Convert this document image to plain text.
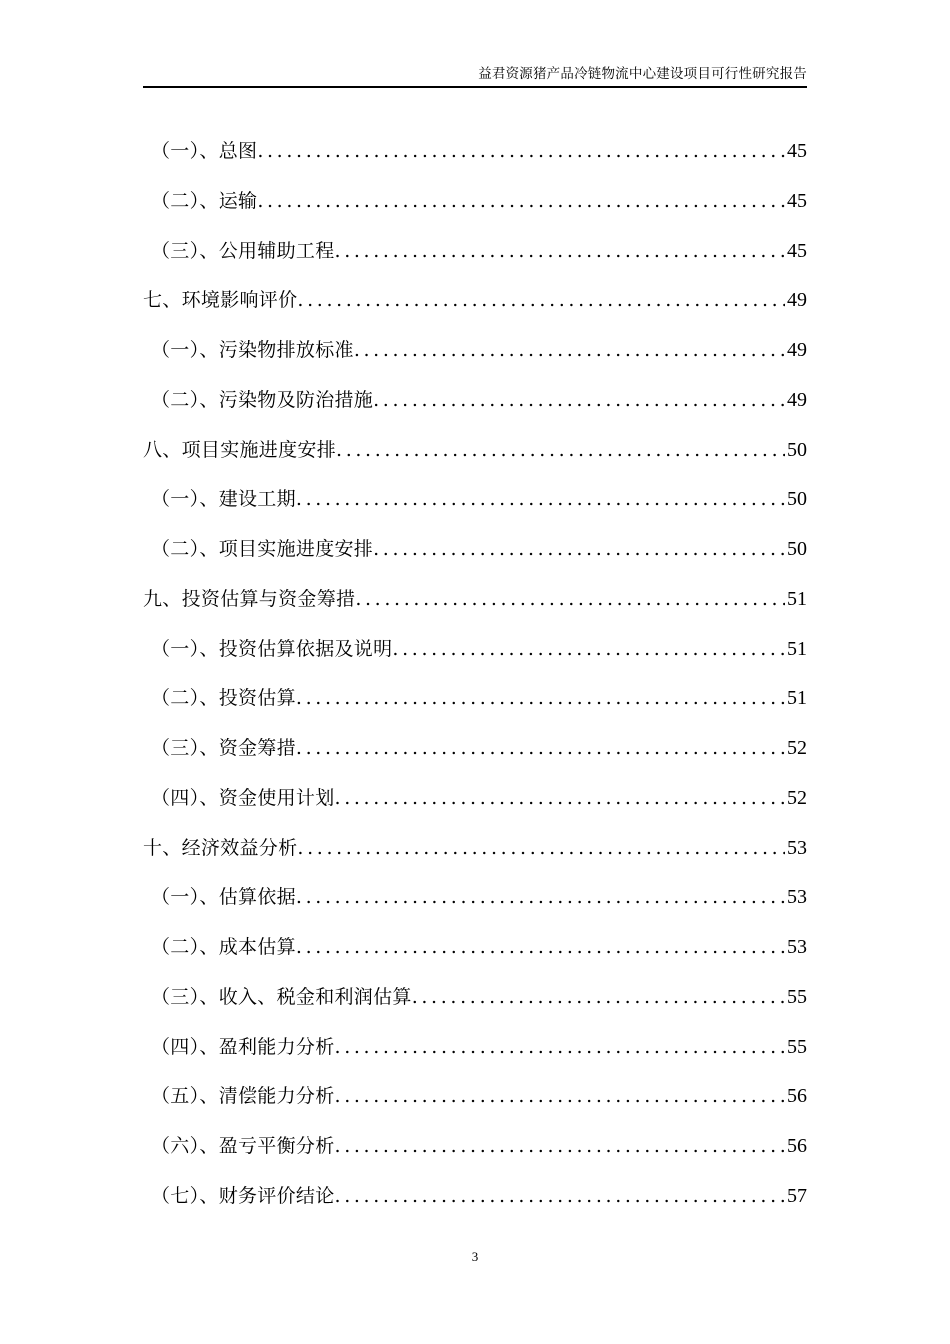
益君资源猪产品冷链物流中心建设项目可行性研究报告
（一）、总图 . . .	45
（二）、运输 . . .	45
（三）、公用辅助工程 . . .	45
七、环境影响评价 . . .	49
（一）、污染物排放标准 . . .	49
（二）、污染物及防治措施 . . .	49
八、项目实施进度安排 . . .	50
（一）、建设工期 . . .	50
（二）、项目实施进度安排 . . .	50
九、投资估算与资金筹措 . . .	51
（一）、投资估算依据及说明 . . .	51
（二）、投资估算 . . .	51
（三）、资金筹措 . . .	52
（四）、资金使用计划 . . .	52
十、经济效益分析 . . .	53
（一）、估算依据 . . .	53
（二）、成本估算 . . .	53
（三）、收入、税金和利润估算 . . .	55
（四）、盈利能力分析 . . .	55
（五）、清偿能力分析 . . .	56
（六）、盈亏平衡分析 . . .	56
（七）、财务评价结论 . . .	57
3
